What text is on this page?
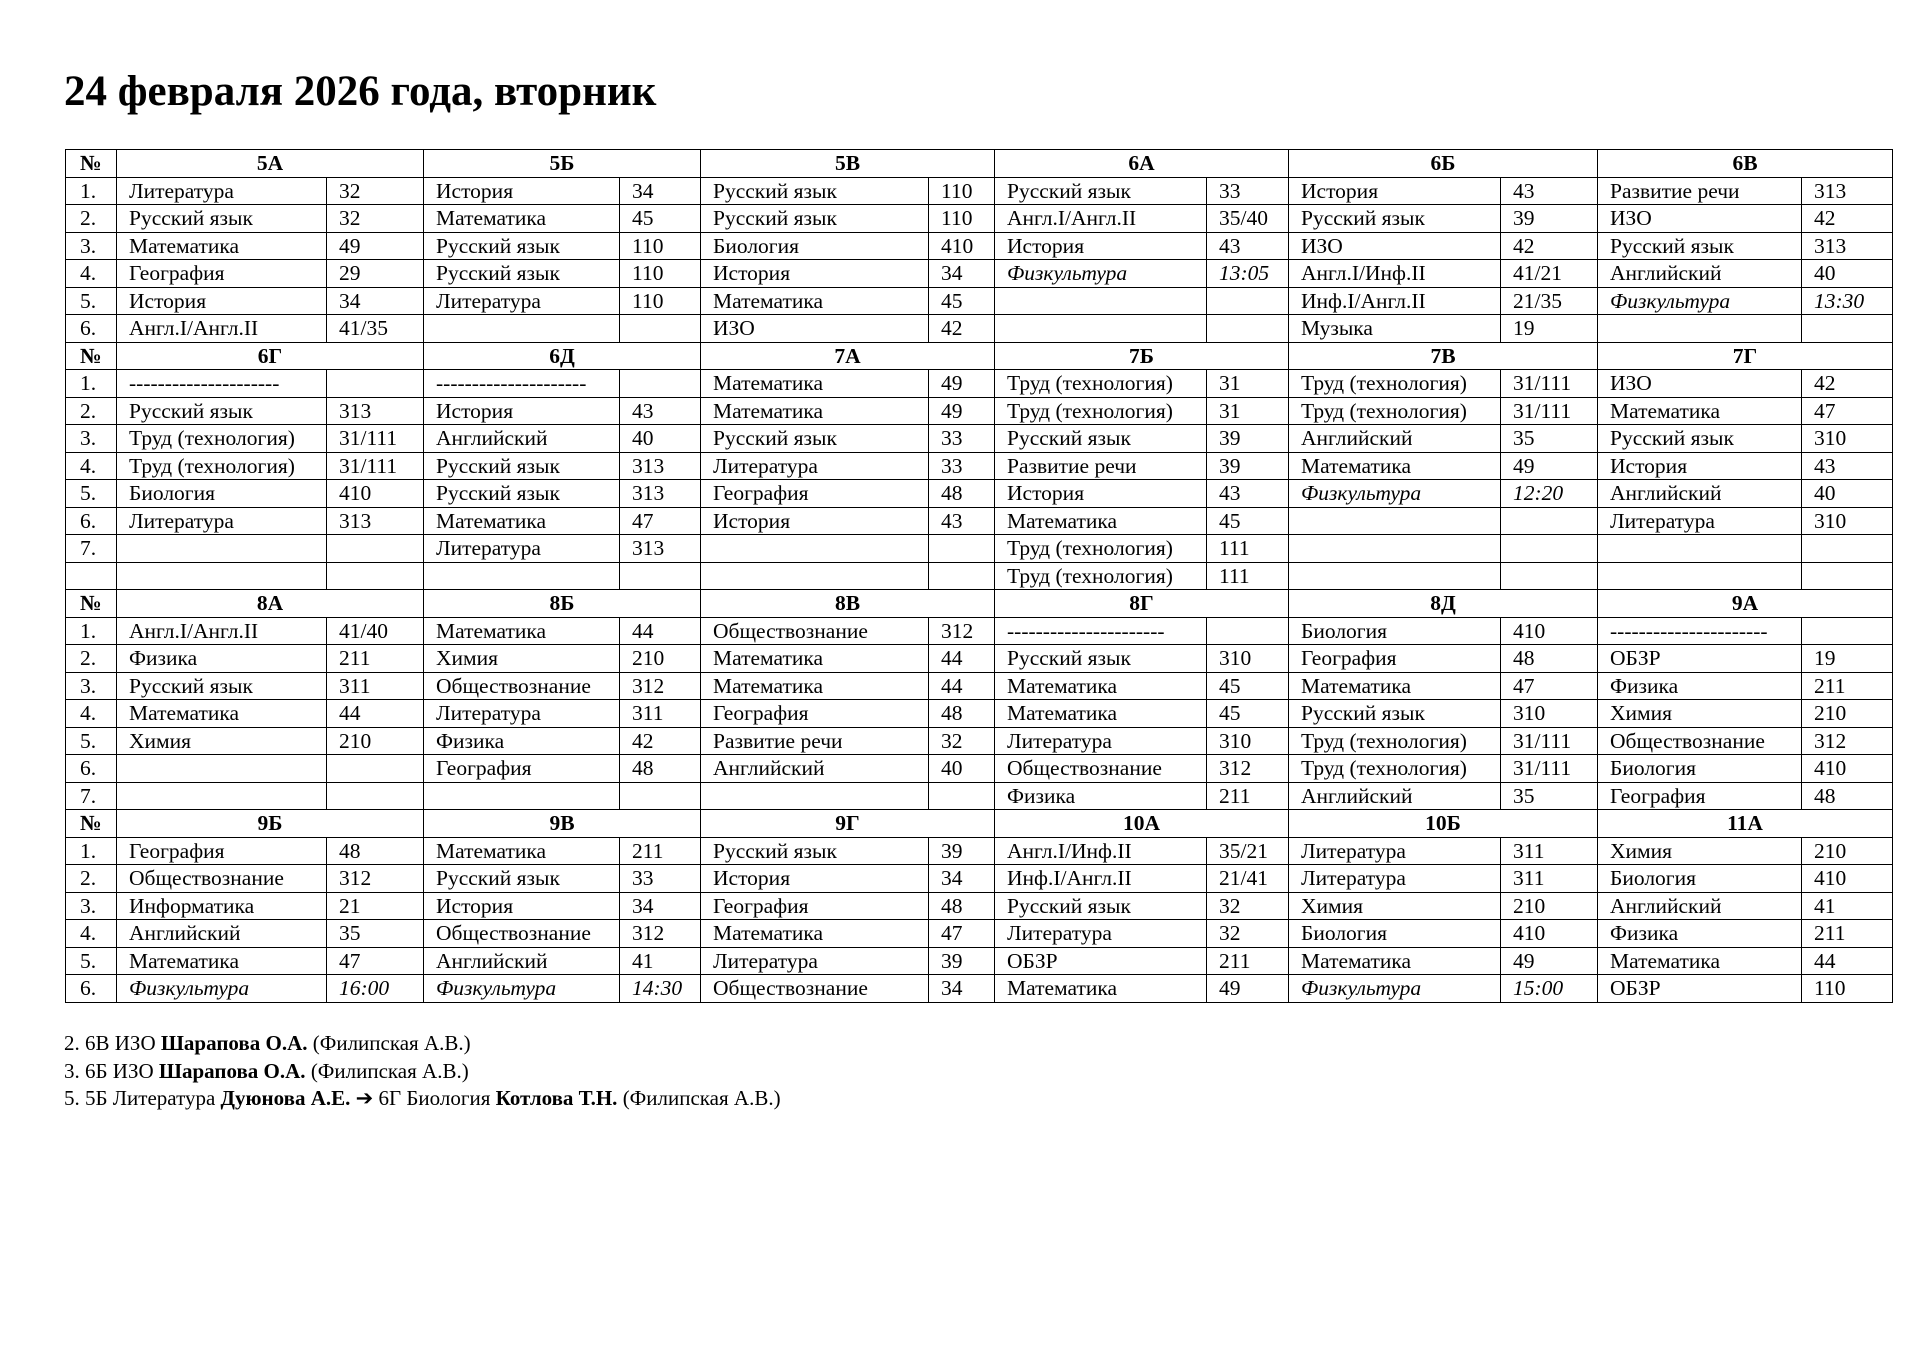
24 февраля 2026 года, вторник
№	5А		5Б		5В		6А		6Б		6В	
1.	Литература	32	История	34	Русский язык	110	Русский язык	33	История	43	Развитие речи	313
2.	Русский язык	32	Математика	45	Русский язык	110	Англ.I/Англ.II	35/40	Русский язык	39	ИЗО	42
3.	Математика	49	Русский язык	110	Биология	410	История	43	ИЗО	42	Русский язык	313
4.	География	29	Русский язык	110	История	34	Физкультура	13:05	Англ.I/Инф.II	41/21	Английский	40
5.	История	34	Литература	110	Математика	45			Инф.I/Англ.II	21/35	Физкультура	13:30
6.	Англ.I/Англ.II	41/35			ИЗО	42			Музыка	19		
№	6Г		6Д		7А		7Б		7В		7Г	
1.	---------------------		---------------------		Математика	49	Труд (технология)	31	Труд (технология)	31/111	ИЗО	42
2.	Русский язык	313	История	43	Математика	49	Труд (технология)	31	Труд (технология)	31/111	Математика	47
3.	Труд (технология)	31/111	Английский	40	Русский язык	33	Русский язык	39	Английский	35	Русский язык	310
4.	Труд (технология)	31/111	Русский язык	313	Литература	33	Развитие речи	39	Математика	49	История	43
5.	Биология	410	Русский язык	313	География	48	История	43	Физкультура	12:20	Английский	40
6.	Литература	313	Математика	47	История	43	Математика	45			Литература	310
7.			Литература	313			Труд (технология)	111				
							Труд (технология)	111				
№	8А		8Б		8В		8Г		8Д		9А	
1.	Англ.I/Англ.II	41/40	Математика	44	Обществознание	312	----------------------		Биология	410	----------------------	
2.	Физика	211	Химия	210	Математика	44	Русский язык	310	География	48	ОБЗР	19
3.	Русский язык	311	Обществознание	312	Математика	44	Математика	45	Математика	47	Физика	211
4.	Математика	44	Литература	311	География	48	Математика	45	Русский язык	310	Химия	210
5.	Химия	210	Физика	42	Развитие речи	32	Литература	310	Труд (технология)	31/111	Обществознание	312
6.			География	48	Английский	40	Обществознание	312	Труд (технология)	31/111	Биология	410
7.							Физика	211	Английский	35	География	48
№	9Б		9В		9Г		10А		10Б		11А	
1.	География	48	Математика	211	Русский язык	39	Англ.I/Инф.II	35/21	Литература	311	Химия	210
2.	Обществознание	312	Русский язык	33	История	34	Инф.I/Англ.II	21/41	Литература	311	Биология	410
3.	Информатика	21	История	34	География	48	Русский язык	32	Химия	210	Английский	41
4.	Английский	35	Обществознание	312	Математика	47	Литература	32	Биология	410	Физика	211
5.	Математика	47	Английский	41	Литература	39	ОБЗР	211	Математика	49	Математика	44
6.	Физкультура	16:00	Физкультура	14:30	Обществознание	34	Математика	49	Физкультура	15:00	ОБЗР	110
2. 6В ИЗО Шарапова О.А. (Филипская А.В.)
3. 6Б ИЗО Шарапова О.А. (Филипская А.В.)
5. 5Б Литература Дуюнова А.Е. ➔ 6Г Биология Котлова Т.Н. (Филипская А.В.)
